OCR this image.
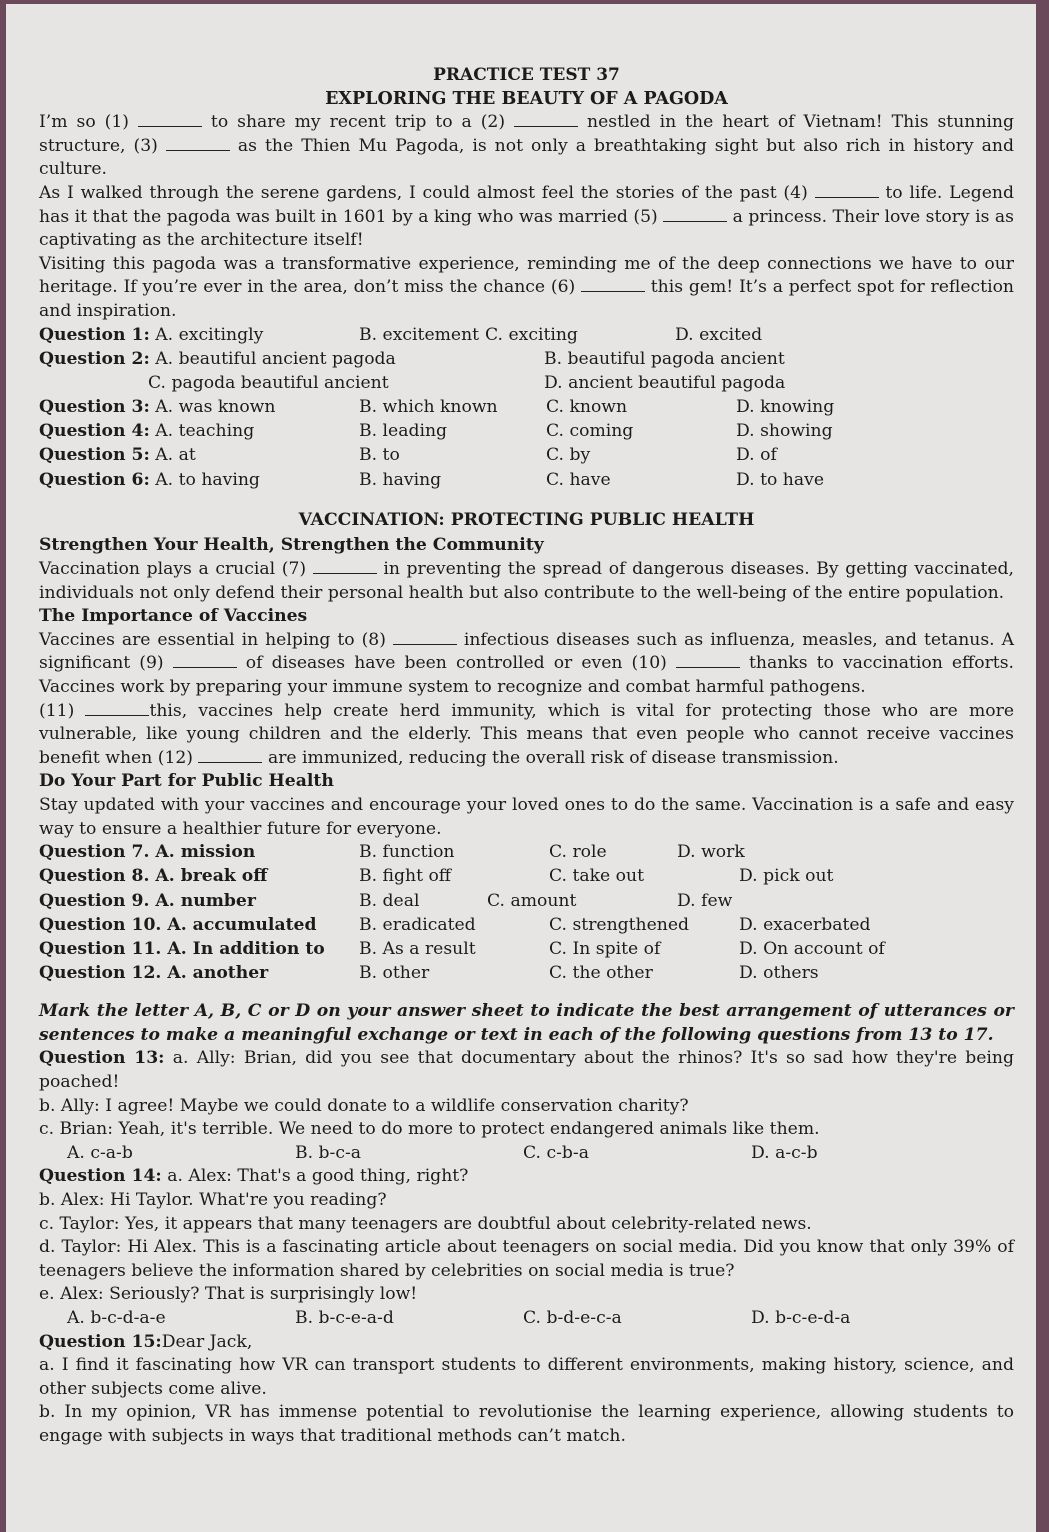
PRACTICE TEST 37
EXPLORING THE BEAUTY OF A PAGODA

I’m so (1)	to share my recent trip to a (2)	nestled in the heart of Vietnam! This stunning structure, (3)	as the Thien Mu Pagoda, is not only a breathtaking sight but also rich in history and culture.

As I walked through the serene gardens, I could almost feel the stories of the past (4)	to life. Legend has it that the pagoda was built in 1601 by a king who was married (5)	a princess. Their love story is as captivating as the architecture itself!

Visiting this pagoda was a transformative experience, reminding me of the deep connections we have to our heritage. If you’re ever in the area, don’t miss the chance (6)	this gem! It’s a perfect spot for reflection and inspiration.

Question 1: A. excitingly	B. excitement C. exciting	D. excited
Question 2: A. beautiful ancient pagoda	B. beautiful pagoda ancient
C. pagoda beautiful ancient	D. ancient beautiful pagoda
Question 3: A. was known	B. which known	C. known	D. knowing
Question 4: A. teaching	B. leading	C. coming	D. showing
Question 5: A. at	B. to	C. by	D. of
Question 6: A. to having	B. having	C. have	D. to have
VACCINATION: PROTECTING PUBLIC HEALTH
Strengthen Your Health, Strengthen the Community

Vaccination plays a crucial (7)	in preventing the spread of dangerous diseases. By getting vaccinated, individuals not only defend their personal health but also contribute to the well-being of the entire population.

The Importance of Vaccines

Vaccines are essential in helping to (8)	infectious diseases such as influenza, measles, and tetanus. A significant (9)	of diseases have been controlled or even (10)	thanks to vaccination efforts. Vaccines work by preparing your immune system to recognize and combat harmful pathogens.

(11)	this, vaccines help create herd immunity, which is vital for protecting those who are more vulnerable, like young children and the elderly. This means that even people who cannot receive vaccines benefit when (12)	are immunized, reducing the overall risk of disease transmission.

Do Your Part for Public Health

Stay updated with your vaccines and encourage your loved ones to do the same. Vaccination is a safe and easy way to ensure a healthier future for everyone.

Question 7. A. mission	B. function	C. role	D. work
Question 8. A. break off	B. fight off	C. take out	D. pick out
Question 9. A. number	B. deal	C. amount	D. few
Question 10. A. accumulated	B. eradicated	C. strengthened	D. exacerbated
Question 11. A. In addition to	B. As a result	C. In spite of	D. On account of
Question 12. A. another	B. other	C. the other	D. others

Mark the letter A, B, C or D on your answer sheet to indicate the best arrangement of utterances or sentences to make a meaningful exchange or text in each of the following questions from 13 to 17.

Question 13: a. Ally: Brian, did you see that documentary about the rhinos? It's so sad how they're being poached!

b. Ally: I agree! Maybe we could donate to a wildlife conservation charity?

c. Brian: Yeah, it's terrible. We need to do more to protect endangered animals like them.

A. c-a-b	B. b-c-a	C. c-b-a	D. a-c-b

Question 14: a. Alex: That's a good thing, right?

b. Alex: Hi Taylor. What're you reading?

c. Taylor: Yes, it appears that many teenagers are doubtful about celebrity-related news.

d. Taylor: Hi Alex. This is a fascinating article about teenagers on social media. Did you know that only 39% of teenagers believe the information shared by celebrities on social media is true?

e. Alex: Seriously? That is surprisingly low!

A. b-c-d-a-e	B. b-c-e-a-d	C. b-d-e-c-a	D. b-c-e-d-a

Question 15:Dear Jack,

a. I find it fascinating how VR can transport students to different environments, making history, science, and other subjects come alive.

b. In my opinion, VR has immense potential to revolutionise the learning experience, allowing students to engage with subjects in ways that traditional methods can’t match.
